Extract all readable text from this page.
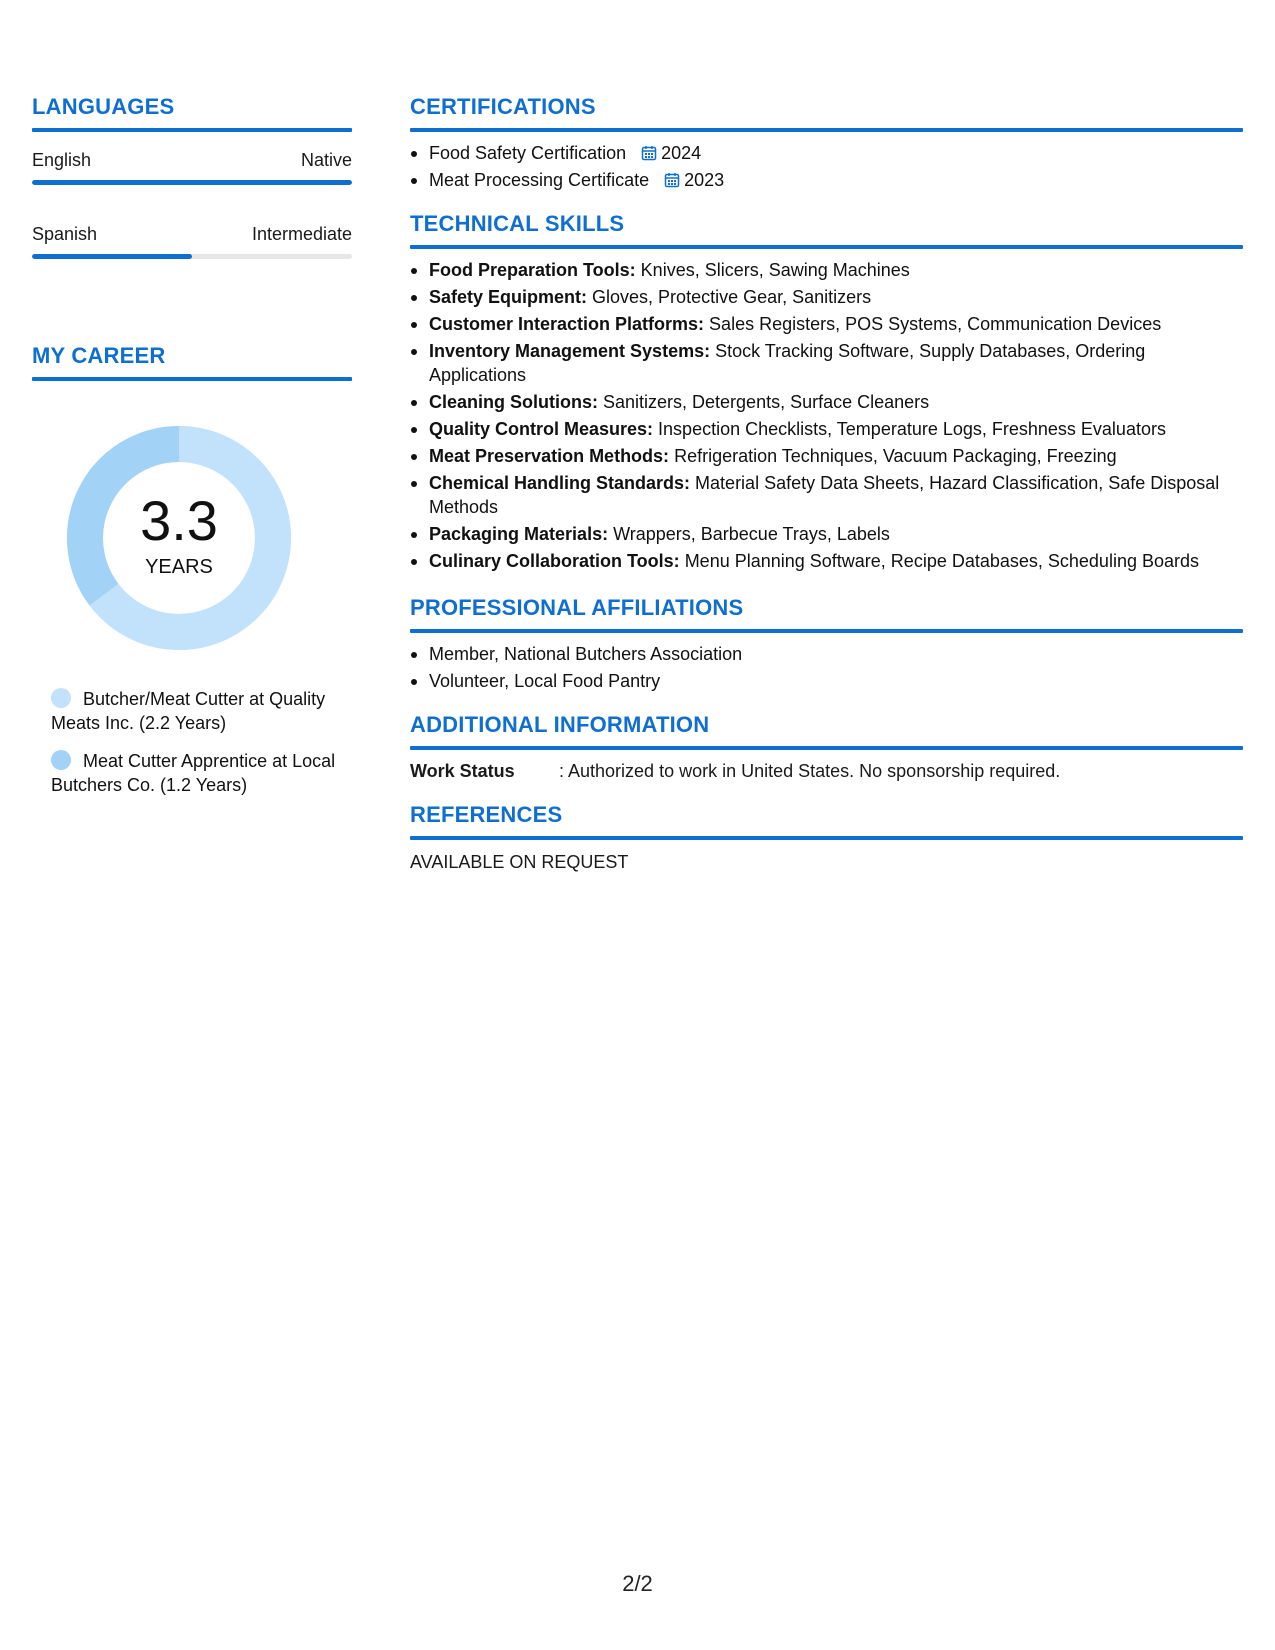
LANGUAGES
English	Native
Spanish	Intermediate
MY CAREER
3.3
YEARS
Butcher/Meat Cutter at Quality Meats Inc. (2.2 Years)
Meat Cutter Apprentice at Local Butchers Co. (1.2 Years)
CERTIFICATIONS
Food Safety Certification 2024
Meat Processing Certificate 2023
TECHNICAL SKILLS
Food Preparation Tools: Knives, Slicers, Sawing Machines
Safety Equipment: Gloves, Protective Gear, Sanitizers
Customer Interaction Platforms: Sales Registers, POS Systems, Communication Devices
Inventory Management Systems: Stock Tracking Software, Supply Databases, Ordering Applications
Cleaning Solutions: Sanitizers, Detergents, Surface Cleaners
Quality Control Measures: Inspection Checklists, Temperature Logs, Freshness Evaluators
Meat Preservation Methods: Refrigeration Techniques, Vacuum Packaging, Freezing
Chemical Handling Standards: Material Safety Data Sheets, Hazard Classification, Safe Disposal Methods
Packaging Materials: Wrappers, Barbecue Trays, Labels
Culinary Collaboration Tools: Menu Planning Software, Recipe Databases, Scheduling Boards
PROFESSIONAL AFFILIATIONS
Member, National Butchers Association
Volunteer, Local Food Pantry
ADDITIONAL INFORMATION
Work Status	: Authorized to work in United States. No sponsorship required.
REFERENCES
AVAILABLE ON REQUEST
2/2
